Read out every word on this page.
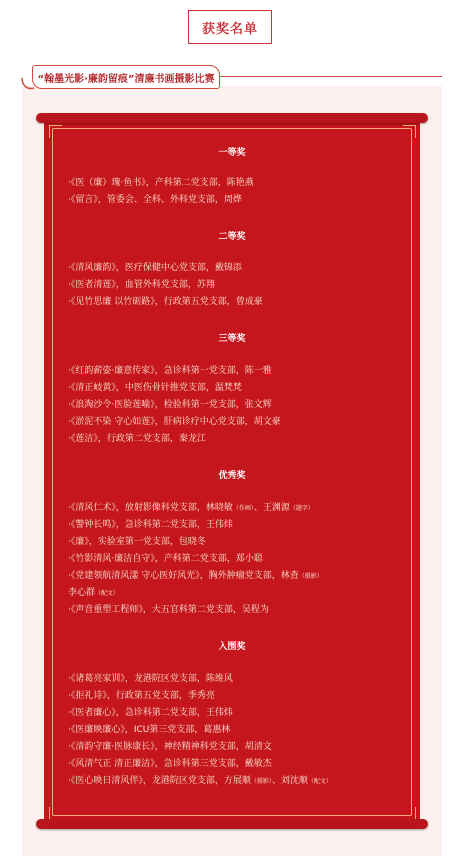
获奖名单
“翰墨光影·廉韵留痕”清廉书画摄影比赛
一等奖
·《医（廉）瑰·鱼书》，产科第二党支部，陈艳燕
·《留言》，管委会、全科、外科党支部，周烨
二等奖
·《清风廉韵》，医疗保健中心党支部，戴锦添
·《医者清莲》，血管外科党支部，苏翔
·《见竹思廉 以竹砺路》，行政第五党支部，曾成豪
三等奖
·《红韵薪姿·廉意传家》，急诊科第一党支部，陈一雅
·《清正岐黄》，中医伤骨针推党支部，温梵梵
·《浪淘沙令·医脸莲喻》，检验科第一党支部，张文辉
·《淤泥不染 守心如莲》，肝病诊疗中心党支部，胡文豪
·《莲洁》，行政第二党支部，秦龙江
优秀奖
·《清风仁术》，放射影像科党支部，林晓敏（作画）、王渊源（题字）
·《警钟长鸣》，急诊科第二党支部，王伟炜
·《廉》，实验室第一党支部，包晓冬
·《竹影清风·廉洁自守》，产科第二党支部，郑小聪
·《党建领航清风漾 守心医好风光》，胸外肿瘤党支部，林查（摄影）
李心群（配文）
·《声音重塑工程师》，大五官科第二党支部，吴程为
入围奖
·《诸葛亮家训》，龙港院区党支部，陈维风
·《拒礼诗》，行政第五党支部，季秀亮
·《医者廉心》，急诊科第二党支部，王伟炜
·《医廉映廉心》，ICU第三党支部，葛惠林
·《清韵守廉·医脉康长》，神经精神科党支部，胡清文
·《风清气正 清正廉洁》，急诊科第三党支部，戴敏杰
·《医心映日清风伴》，龙港院区党支部，方展顺（摄影）、刘沈顺（配文）
